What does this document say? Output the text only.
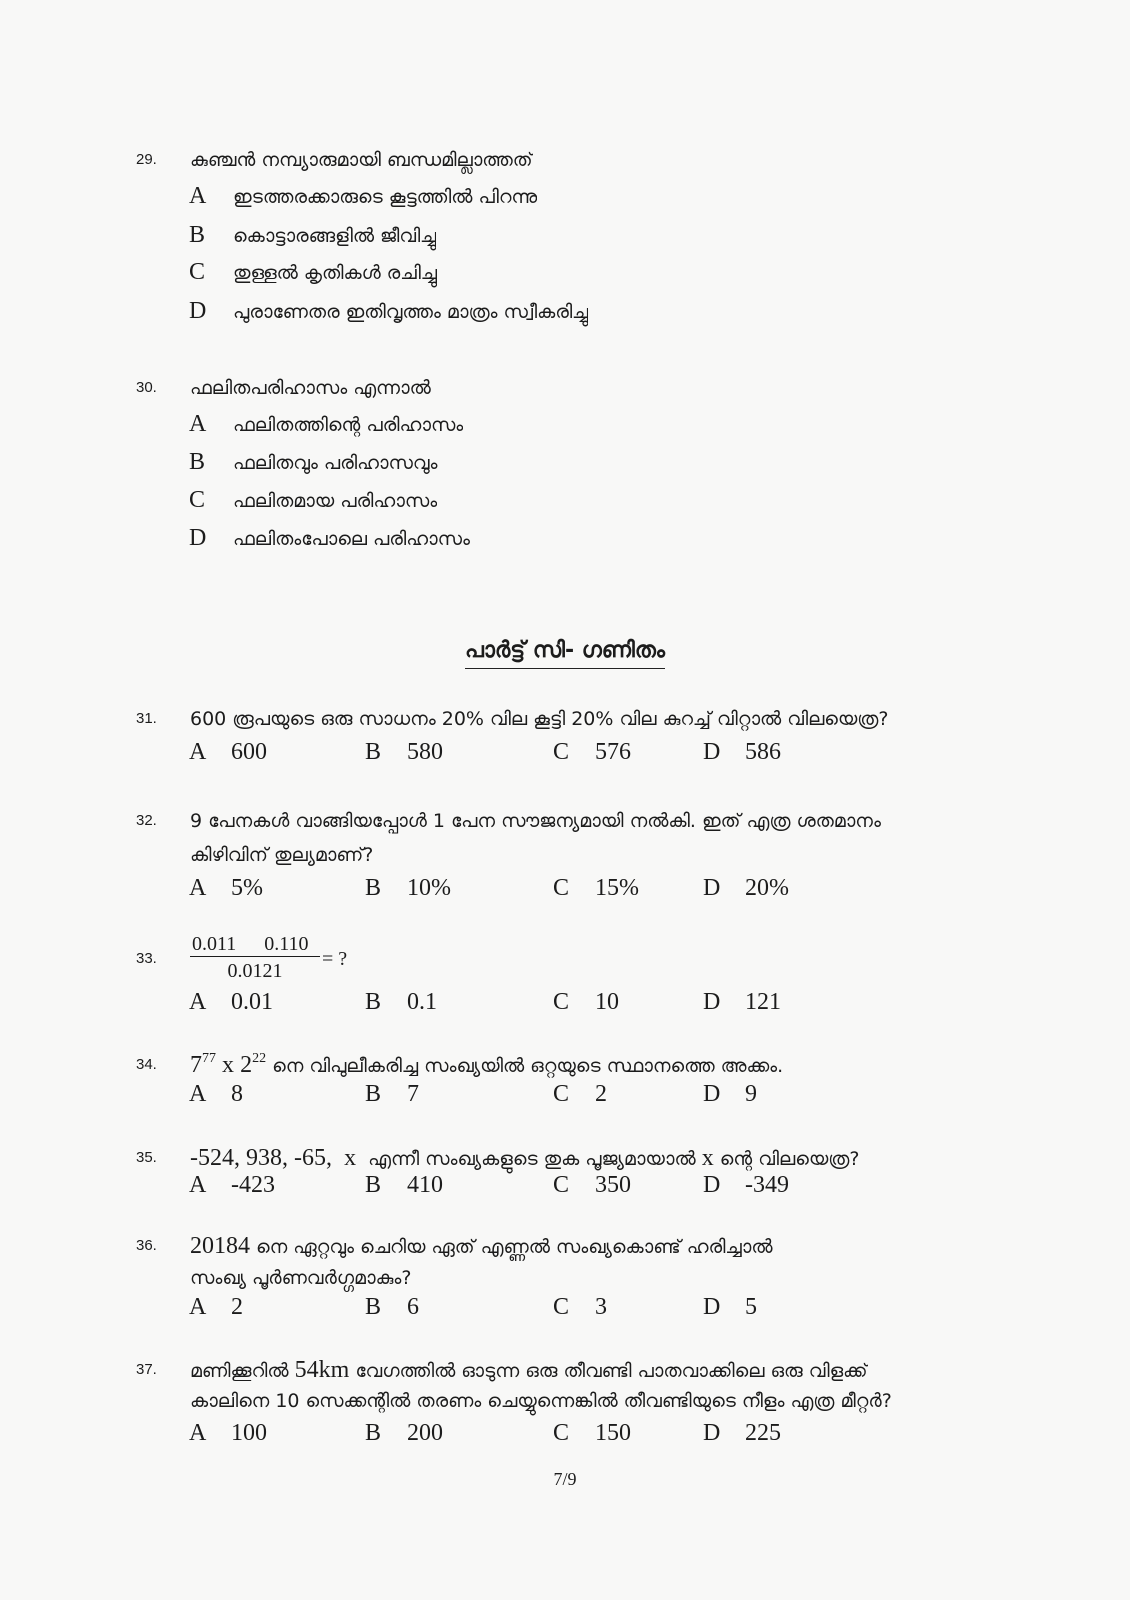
29. കുഞ്ചൻ നമ്പ്യാരുമായി ബന്ധമില്ലാത്തത്
A ഇടത്തരക്കാരുടെ കൂട്ടത്തിൽ പിറന്നു
B കൊട്ടാരങ്ങളിൽ ജീവിച്ചു
C തുള്ളൽ കൃതികൾ രചിച്ചു
D പുരാണേതര ഇതിവൃത്തം മാത്രം സ്വീകരിച്ചു
30. ഫലിതപരിഹാസം എന്നാൽ
A ഫലിതത്തിന്റെ പരിഹാസം
B ഫലിതവും പരിഹാസവും
C ഫലിതമായ പരിഹാസം
D ഫലിതംപോലെ പരിഹാസം
പാർട്ട് സി- ഗണിതം
31. 600 രൂപയുടെ ഒരു സാധനം 20% വില കൂട്ടി 20% വില കുറച്ച് വിറ്റാൽ വിലയെത്ര?
A 600	B 580	C 576	D 586
32. 9 പേനകൾ വാങ്ങിയപ്പോൾ 1 പേന സൗജന്യമായി നൽകി. ഇത് എത്ര ശതമാനം
കിഴിവിന് തുല്യമാണ്?
A 5%	B 10%	C 15%	D 20%
33.
0.011 0.110
0.0121
= ?
A 0.01	B 0.1	C 10	D 121
34. $7^{77}$ x $2^{22}$ നെ വിപുലീകരിച്ച സംഖ്യയിൽ ഒറ്റയുടെ സ്ഥാനത്തെ അക്കം.
A 8	B 7	C 2	D 9
35. -524, 938, -65, x എന്നീ സംഖ്യകളുടെ തുക പൂജ്യമായാൽ x ന്റെ വിലയെത്ര?
A -423	B 410	C 350	D -349
36. 20184 നെ ഏറ്റവും ചെറിയ ഏത് എണ്ണൽ സംഖ്യകൊണ്ട് ഹരിച്ചാൽ
സംഖ്യ പൂർണവർഗ്ഗമാകും?
A 2	B 6	C 3	D 5
37. മണിക്കൂറിൽ 54km വേഗത്തിൽ ഓടുന്ന ഒരു തീവണ്ടി പാതവാക്കിലെ ഒരു വിളക്ക്
കാലിനെ 10 സെക്കന്റിൽ തരണം ചെയ്യുന്നെങ്കിൽ തീവണ്ടിയുടെ നീളം എത്ര മീറ്റർ?
A 100	B 200	C 150	D 225
7/9
